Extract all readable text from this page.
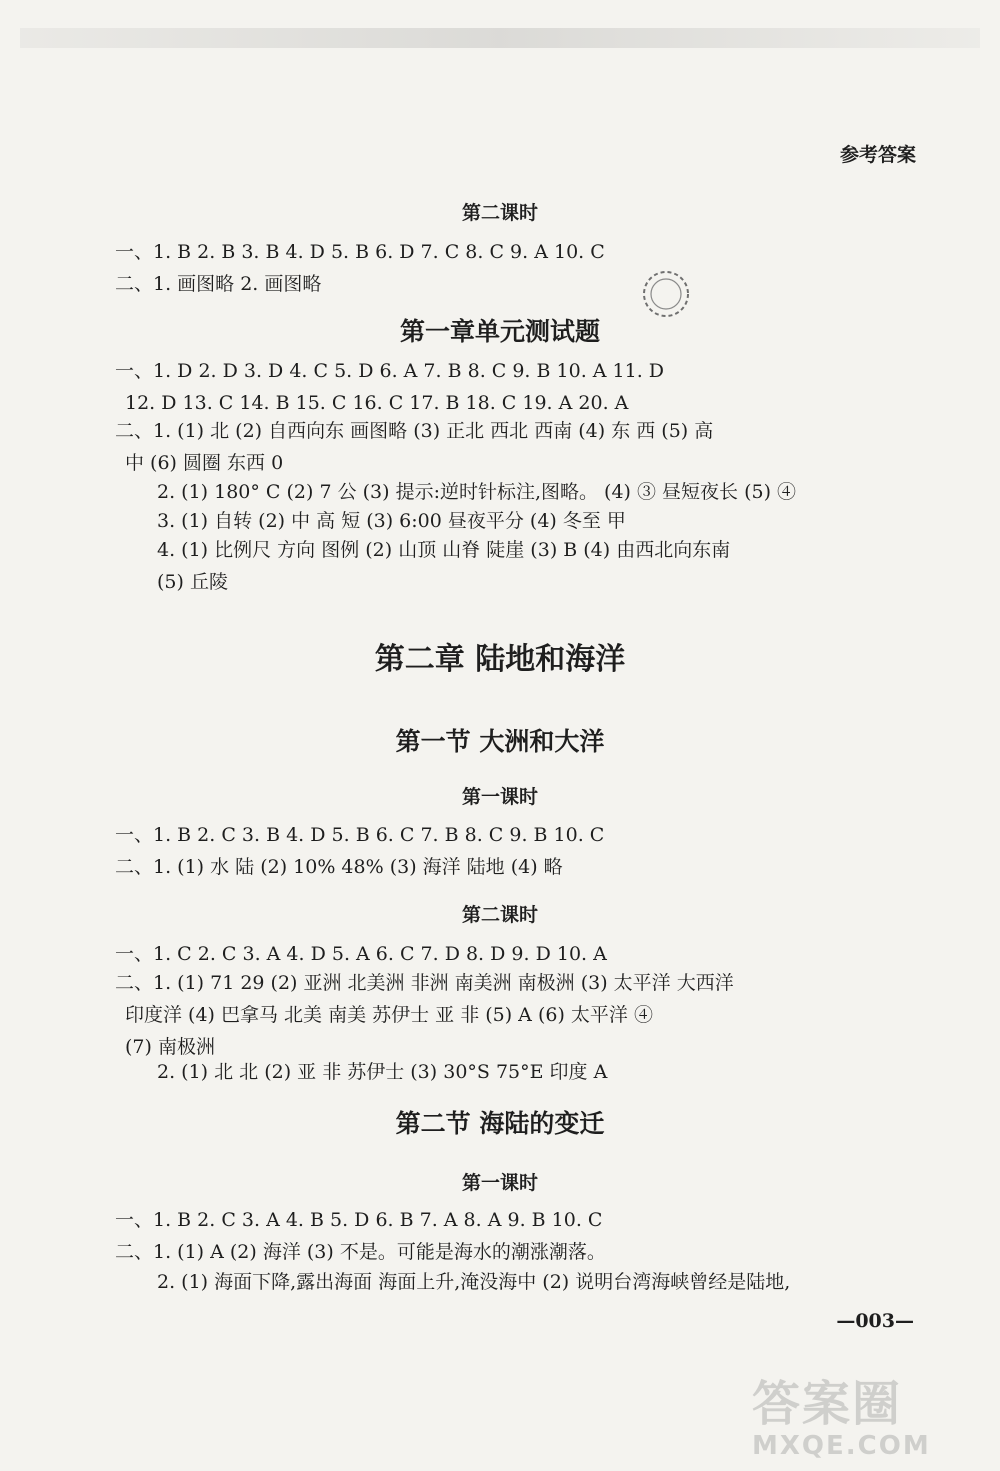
参考答案
第二课时
一、1. B 2. B 3. B 4. D 5. B 6. D 7. C 8. C 9. A 10. C
二、1. 画图略 2. 画图略
第一章单元测试题
一、1. D 2. D 3. D 4. C 5. D 6. A 7. B 8. C 9. B 10. A 11. D
12. D 13. C 14. B 15. C 16. C 17. B 18. C 19. A 20. A
二、1. (1) 北 (2) 自西向东 画图略 (3) 正北 西北 西南 (4) 东 西 (5) 高
中 (6) 圆圈 东西 0
2. (1) 180° C (2) 7 公 (3) 提示:逆时针标注,图略。 (4) ③ 昼短夜长 (5) ④
3. (1) 自转 (2) 中 高 短 (3) 6:00 昼夜平分 (4) 冬至 甲
4. (1) 比例尺 方向 图例 (2) 山顶 山脊 陡崖 (3) B (4) 由西北向东南
(5) 丘陵
第二章 陆地和海洋
第一节 大洲和大洋
第一课时
一、1. B 2. C 3. B 4. D 5. B 6. C 7. B 8. C 9. B 10. C
二、1. (1) 水 陆 (2) 10% 48% (3) 海洋 陆地 (4) 略
第二课时
一、1. C 2. C 3. A 4. D 5. A 6. C 7. D 8. D 9. D 10. A
二、1. (1) 71 29 (2) 亚洲 北美洲 非洲 南美洲 南极洲 (3) 太平洋 大西洋
印度洋 (4) 巴拿马 北美 南美 苏伊士 亚 非 (5) A (6) 太平洋 ④
(7) 南极洲
2. (1) 北 北 (2) 亚 非 苏伊士 (3) 30°S 75°E 印度 A
第二节 海陆的变迁
第一课时
一、1. B 2. C 3. A 4. B 5. D 6. B 7. A 8. A 9. B 10. C
二、1. (1) A (2) 海洋 (3) 不是。可能是海水的潮涨潮落。
2. (1) 海面下降,露出海面 海面上升,淹没海中 (2) 说明台湾海峡曾经是陆地,
—003—
答案圈
MXQE.COM
